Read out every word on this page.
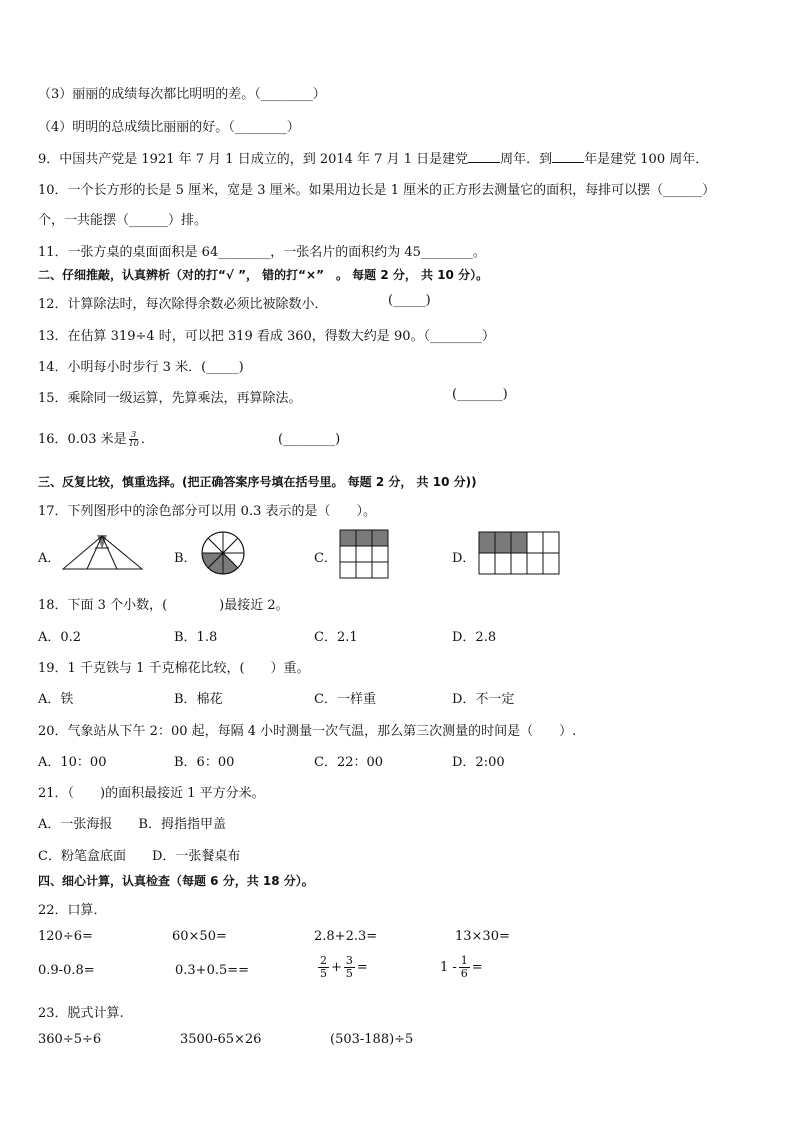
（3）丽丽的成绩每次都比明明的差。（________）
（4）明明的总成绩比丽丽的好。（________）
9．中国共产党是 1921 年 7 月 1 日成立的，到 2014 年 7 月 1 日是建党 周年．到 年是建党 100 周年．
10．一个长方形的长是 5 厘米，宽是 3 厘米。如果用边长是 1 厘米的正方形去测量它的面积，每排可以摆（______）
个，一共能摆（______）排。
11．一张方桌的桌面面积是 64________，一张名片的面积约为 45________。
二、仔细推敲，认真辨析（对的打“√ ”， 错的打“×”　。 每题 2 分， 共 10 分）。
12．计算除法时，每次除得余数必须比被除数小．	(_____)
13．在估算 319÷4 时，可以把 319 看成 360，得数大约是 90。（________）
14．小明每小时步行 3 米．(_____)
15．乘除同一级运算，先算乘法，再算除法。	(_______)
16．0.03 米是 $\frac{3}{10}$ ．	(________)
三、反复比较，慎重选择。(把正确答案序号填在括号里。 每题 2 分， 共 10 分))
17．下列图形中的涂色部分可以用 0.3 表示的是（　　）。
A．	B．	C．	D．
18．下面 3 个小数，(　　　　)最接近 2。
A．0.2	B．1.8	C．2.1	D．2.8
19．1 千克铁与 1 千克棉花比较，(　　）重。
A．铁	B．棉花	C．一样重	D．不一定
20．气象站从下午 2：00 起，每隔 4 小时测量一次气温，那么第三次测量的时间是（　　）.
A．10：00	B．6：00	C．22：00	D．2:00
21．（　　)的面积最接近 1 平方分米。
A．一张海报　　B．拇指指甲盖
C．粉笔盒底面　　D．一张餐桌布
四、细心计算，认真检查（每题 6 分，共 18 分）。
22．口算．
120÷6=	60×50=	2.8+2.3=	13×30=
0.9-0.8=	0.3+0.5==	$\frac{2}{5} + \frac{3}{5}$ =	$1 - \frac{1}{6}$ =
23．脱式计算.
360÷5÷6	3500-65×26	(503-188)÷5
